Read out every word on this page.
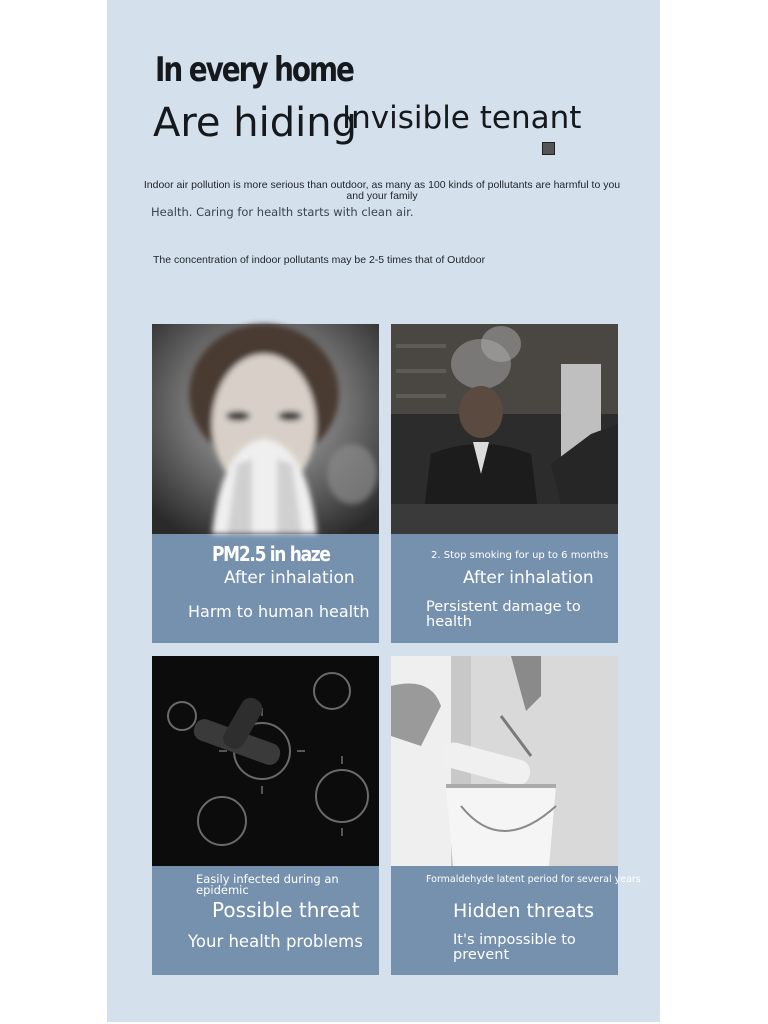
In every home
Are hiding
Invisible tenant
Indoor air pollution is more serious than outdoor, as many as 100 kinds of pollutants are harmful to you and your family
Health. Caring for health starts with clean air.
The concentration of indoor pollutants may be 2-5 times that of Outdoor
PM2.5 in haze
After inhalation
Harm to human health
2. Stop smoking for up to 6 months
After inhalation
Persistent damage to health
Easily infected during an epidemic
Possible threat
Your health problems
Formaldehyde latent period for several years
Hidden threats
It's impossible to prevent
